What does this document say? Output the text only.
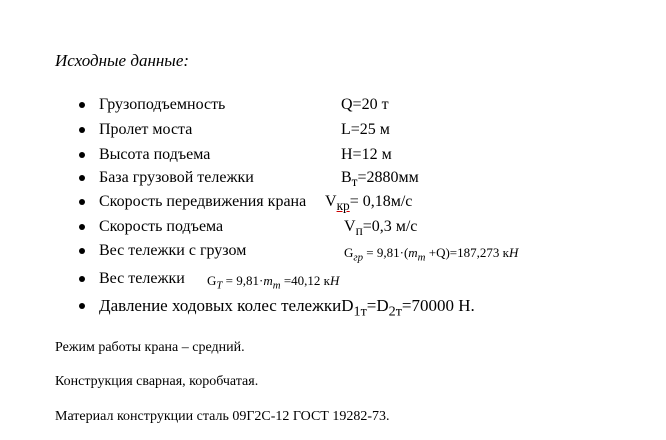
Исходные данные:
Грузоподъемность	Q=20 т
Пролет моста	L=25 м
Высота подъема	H=12 м
База грузовой тележки	$B_т=2880мм$
Скорость передвижения крана $V_{кр}= 0,18м/с$
Скорость подъема	$V_п=0,3$ м/с
Вес тележки с грузом	$G_{гр} = 9,81\cdot(m_т +Q)=187,273$ кН
Вес тележки $G_T = 9,81\cdot m_т =40,12$ кН
Давление ходовых колес $тележкиD_{1т}=D_{2т}=70000$ Н.
Режим работы крана – средний.
Конструкция сварная, коробчатая.
Материал конструкции сталь 09Г2С-12 ГОСТ 19282-73.
